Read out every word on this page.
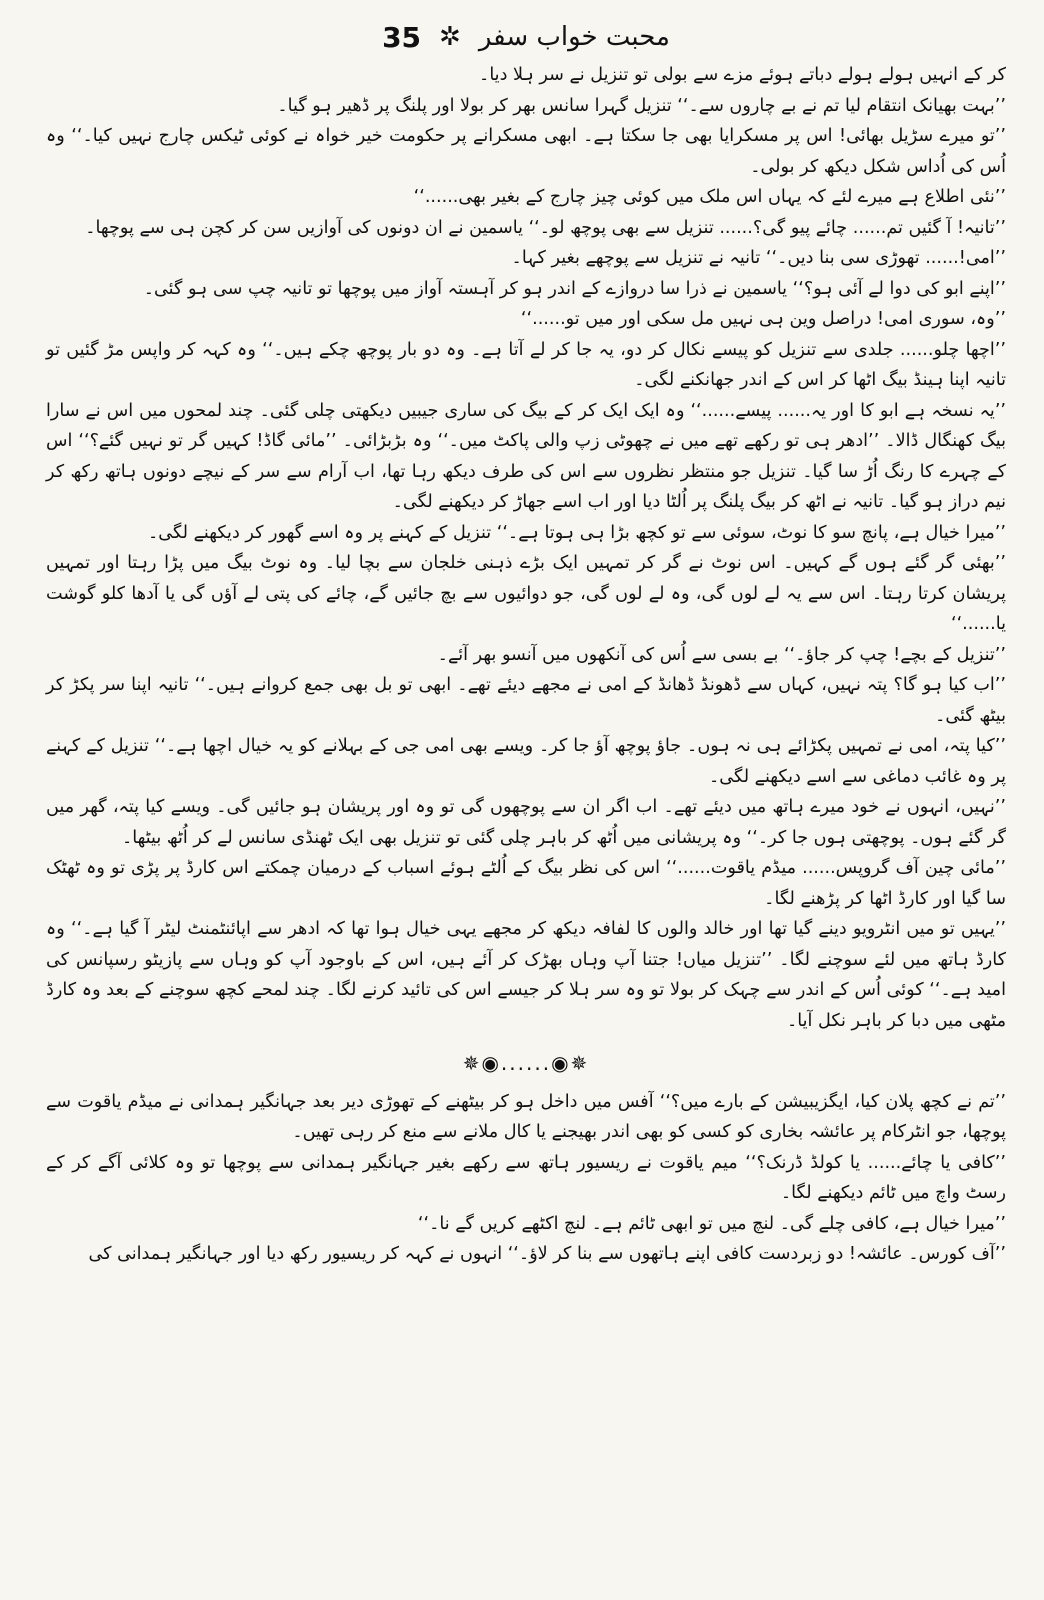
35 ✲ محبت خواب سفر

کر کے انہیں ہولے ہولے دباتے ہوئے مزے سے بولی تو تنزیل نے سر ہلا دیا۔

’’بہت بھیانک انتقام لیا تم نے بے چاروں سے۔‘‘ تنزیل گہرا سانس بھر کر بولا اور پلنگ پر ڈھیر ہو گیا۔

’’تو میرے سڑیل بھائی! اس پر مسکرایا بھی جا سکتا ہے۔ ابھی مسکرانے پر حکومت خیر خواہ نے کوئی ٹیکس چارج نہیں کیا۔‘‘ وہ اُس کی اُداس شکل دیکھ کر بولی۔

’’نئی اطلاع ہے میرے لئے کہ یہاں اس ملک میں کوئی چیز چارج کے بغیر بھی......‘‘

’’تانیہ! آ گئیں تم...... چائے پیو گی؟...... تنزیل سے بھی پوچھ لو۔‘‘ یاسمین نے ان دونوں کی آوازیں سن کر کچن ہی سے پوچھا۔

’’امی!...... تھوڑی سی بنا دیں۔‘‘ تانیہ نے تنزیل سے پوچھے بغیر کہا۔

’’اپنے ابو کی دوا لے آئی ہو؟‘‘ یاسمین نے ذرا سا دروازے کے اندر ہو کر آہستہ آواز میں پوچھا تو تانیہ چپ سی ہو گئی۔

’’وہ، سوری امی! دراصل وین ہی نہیں مل سکی اور میں تو......‘‘

’’اچھا چلو...... جلدی سے تنزیل کو پیسے نکال کر دو، یہ جا کر لے آتا ہے۔ وہ دو بار پوچھ چکے ہیں۔‘‘ وہ کہہ کر واپس مڑ گئیں تو تانیہ اپنا ہینڈ بیگ اٹھا کر اس کے اندر جھانکنے لگی۔

’’یہ نسخہ ہے ابو کا اور یہ...... پیسے......‘‘ وہ ایک ایک کر کے بیگ کی ساری جیبیں دیکھتی چلی گئی۔ چند لمحوں میں اس نے سارا بیگ کھنگال ڈالا۔ ’’ادھر ہی تو رکھے تھے میں نے چھوٹی زپ والی پاکٹ میں۔‘‘ وہ بڑبڑائی۔ ’’مائی گاڈ! کہیں گر تو نہیں گئے؟‘‘ اس کے چہرے کا رنگ اُڑ سا گیا۔ تنزیل جو منتظر نظروں سے اس کی طرف دیکھ رہا تھا، اب آرام سے سر کے نیچے دونوں ہاتھ رکھ کر نیم دراز ہو گیا۔ تانیہ نے اٹھ کر بیگ پلنگ پر اُلٹا دیا اور اب اسے جھاڑ کر دیکھنے لگی۔

’’میرا خیال ہے، پانچ سو کا نوٹ، سوئی سے تو کچھ بڑا ہی ہوتا ہے۔‘‘ تنزیل کے کہنے پر وہ اسے گھور کر دیکھنے لگی۔

’’بھئی گر گئے ہوں گے کہیں۔ اس نوٹ نے گر کر تمہیں ایک بڑے ذہنی خلجان سے بچا لیا۔ وہ نوٹ بیگ میں پڑا رہتا اور تمہیں پریشان کرتا رہتا۔ اس سے یہ لے لوں گی، وہ لے لوں گی، جو دوائیوں سے بچ جائیں گے، چائے کی پتی لے آؤں گی یا آدھا کلو گوشت یا......‘‘

’’تنزیل کے بچے! چپ کر جاؤ۔‘‘ بے بسی سے اُس کی آنکھوں میں آنسو بھر آئے۔

’’اب کیا ہو گا؟ پتہ نہیں، کہاں سے ڈھونڈ ڈھانڈ کے امی نے مجھے دیئے تھے۔ ابھی تو بل بھی جمع کروانے ہیں۔‘‘ تانیہ اپنا سر پکڑ کر بیٹھ گئی۔

’’کیا پتہ، امی نے تمہیں پکڑائے ہی نہ ہوں۔ جاؤ پوچھ آؤ جا کر۔ ویسے بھی امی جی کے بہلانے کو یہ خیال اچھا ہے۔‘‘ تنزیل کے کہنے پر وہ غائب دماغی سے اسے دیکھنے لگی۔

’’نہیں، انہوں نے خود میرے ہاتھ میں دیئے تھے۔ اب اگر ان سے پوچھوں گی تو وہ اور پریشان ہو جائیں گی۔ ویسے کیا پتہ، گھر میں گر گئے ہوں۔ پوچھتی ہوں جا کر۔‘‘ وہ پریشانی میں اُٹھ کر باہر چلی گئی تو تنزیل بھی ایک ٹھنڈی سانس لے کر اُٹھ بیٹھا۔

’’مائی چین آف گروپس...... میڈم یاقوت......‘‘ اس کی نظر بیگ کے اُلٹے ہوئے اسباب کے درمیان چمکتے اس کارڈ پر پڑی تو وہ ٹھٹک سا گیا اور کارڈ اٹھا کر پڑھنے لگا۔

’’یہیں تو میں انٹرویو دینے گیا تھا اور خالد والوں کا لفافہ دیکھ کر مجھے یہی خیال ہوا تھا کہ ادھر سے اپائنٹمنٹ لیٹر آ گیا ہے۔‘‘ وہ کارڈ ہاتھ میں لئے سوچنے لگا۔ ’’تنزیل میاں! جتنا آپ وہاں بھڑک کر آئے ہیں، اس کے باوجود آپ کو وہاں سے پازیٹو رسپانس کی امید ہے۔‘‘ کوئی اُس کے اندر سے چہک کر بولا تو وہ سر ہلا کر جیسے اس کی تائید کرنے لگا۔ چند لمحے کچھ سوچنے کے بعد وہ کارڈ مٹھی میں دبا کر باہر نکل آیا۔

✵◉......◉✵

’’تم نے کچھ پلان کیا، ایگزیبیشن کے بارے میں؟‘‘ آفس میں داخل ہو کر بیٹھنے کے تھوڑی دیر بعد جہانگیر ہمدانی نے میڈم یاقوت سے پوچھا، جو انٹرکام پر عائشہ بخاری کو کسی کو بھی اندر بھیجنے یا کال ملانے سے منع کر رہی تھیں۔

’’کافی یا چائے...... یا کولڈ ڈرنک؟‘‘ میم یاقوت نے ریسیور ہاتھ سے رکھے بغیر جہانگیر ہمدانی سے پوچھا تو وہ کلائی آگے کر کے رسٹ واچ میں ٹائم دیکھنے لگا۔

’’میرا خیال ہے، کافی چلے گی۔ لنچ میں تو ابھی ٹائم ہے۔ لنچ اکٹھے کریں گے نا۔‘‘

’’آف کورس۔ عائشہ! دو زبردست کافی اپنے ہاتھوں سے بنا کر لاؤ۔‘‘ انہوں نے کہہ کر ریسیور رکھ دیا اور جہانگیر ہمدانی کی
